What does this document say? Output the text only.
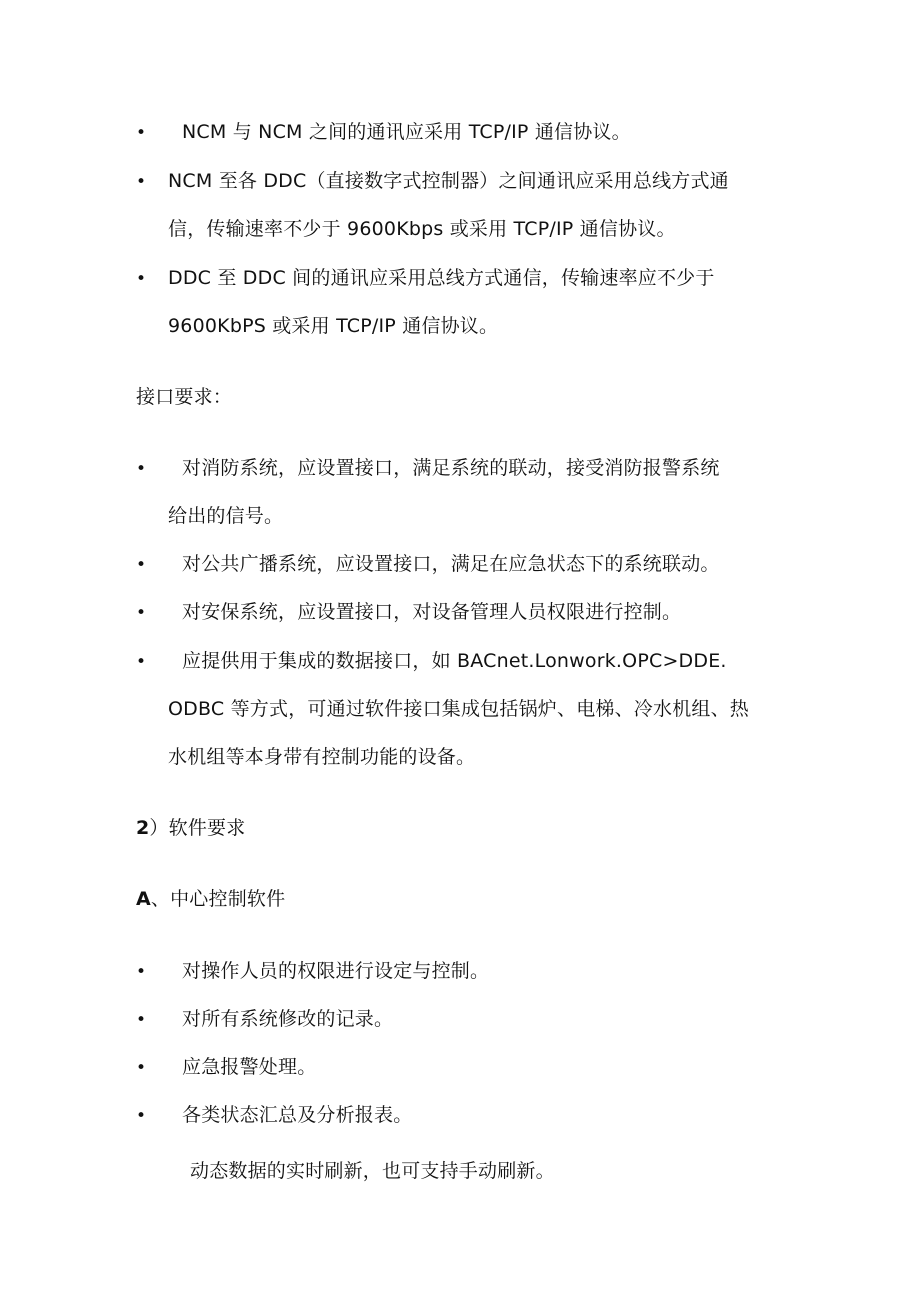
• NCM 与 NCM 之间的通讯应采用 TCP/IP 通信协议。
• NCM 至各 DDC（直接数字式控制器）之间通讯应采用总线方式通
信，传输速率不少于 9600Kbps 或采用 TCP/IP 通信协议。
• DDC 至 DDC 间的通讯应采用总线方式通信，传输速率应不少于
9600KbPS 或采用 TCP/IP 通信协议。
接口要求：
• 对消防系统，应设置接口，满足系统的联动，接受消防报警系统
给出的信号。
• 对公共广播系统，应设置接口，满足在应急状态下的系统联动。
• 对安保系统，应设置接口，对设备管理人员权限进行控制。
• 应提供用于集成的数据接口，如 BACnet.Lonwork.OPC>DDE.
ODBC 等方式，可通过软件接口集成包括锅炉、电梯、冷水机组、热
水机组等本身带有控制功能的设备。
2）软件要求
A、中心控制软件
• 对操作人员的权限进行设定与控制。
• 对所有系统修改的记录。
• 应急报警处理。
• 各类状态汇总及分析报表。
动态数据的实时刷新，也可支持手动刷新。
